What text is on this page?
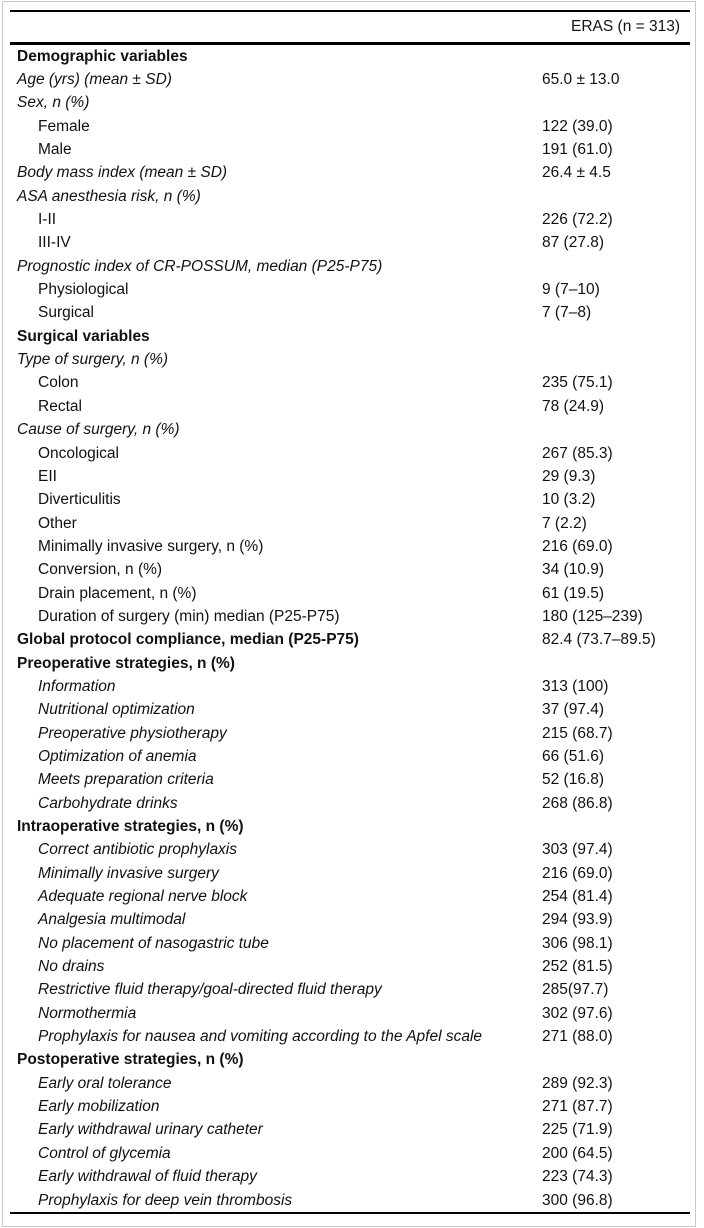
ERAS (n = 313)
Demographic variables
Age (yrs) (mean ± SD)	65.0 ± 13.0
Sex, n (%)
Female	122 (39.0)
Male	191 (61.0)
Body mass index (mean ± SD)	26.4 ± 4.5
ASA anesthesia risk, n (%)
I-II	226 (72.2)
III-IV	87 (27.8)
Prognostic index of CR-POSSUM, median (P25-P75)
Physiological	9 (7–10)
Surgical	7 (7–8)
Surgical variables
Type of surgery, n (%)
Colon	235 (75.1)
Rectal	78 (24.9)
Cause of surgery, n (%)
Oncological	267 (85.3)
EII	29 (9.3)
Diverticulitis	10 (3.2)
Other	7 (2.2)
Minimally invasive surgery, n (%)	216 (69.0)
Conversion, n (%)	34 (10.9)
Drain placement, n (%)	61 (19.5)
Duration of surgery (min) median (P25-P75)	180 (125–239)
Global protocol compliance, median (P25-P75)	82.4 (73.7–89.5)
Preoperative strategies, n (%)
Information	313 (100)
Nutritional optimization	37 (97.4)
Preoperative physiotherapy	215 (68.7)
Optimization of anemia	66 (51.6)
Meets preparation criteria	52 (16.8)
Carbohydrate drinks	268 (86.8)
Intraoperative strategies, n (%)
Correct antibiotic prophylaxis	303 (97.4)
Minimally invasive surgery	216 (69.0)
Adequate regional nerve block	254 (81.4)
Analgesia multimodal	294 (93.9)
No placement of nasogastric tube	306 (98.1)
No drains	252 (81.5)
Restrictive fluid therapy/goal-directed fluid therapy	285(97.7)
Normothermia	302 (97.6)
Prophylaxis for nausea and vomiting according to the Apfel scale	271 (88.0)
Postoperative strategies, n (%)
Early oral tolerance	289 (92.3)
Early mobilization	271 (87.7)
Early withdrawal urinary catheter	225 (71.9)
Control of glycemia	200 (64.5)
Early withdrawal of fluid therapy	223 (74.3)
Prophylaxis for deep vein thrombosis	300 (96.8)
